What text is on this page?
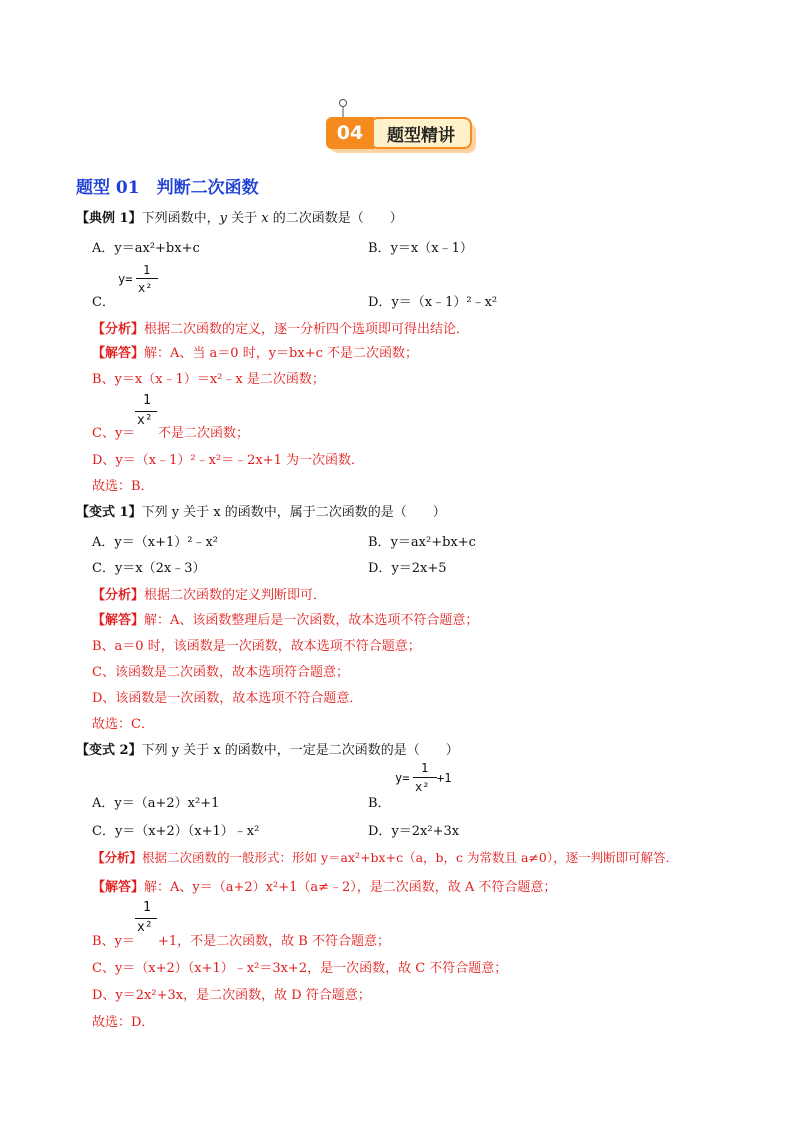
题型精讲
04
题型 01　判断二次函数
【典例 1】下列函数中，y 关于 x 的二次函数是（　　）
A．y＝ax²+bx+c	B．y＝x（x﹣1）
C．
y=
1
x²
D．y＝（x﹣1）²﹣x²
【分析】根据二次函数的定义，逐一分析四个选项即可得出结论．
【解答】解：A、当 a＝0 时，y＝bx+c 不是二次函数；
B、y＝x（x﹣1）＝x²﹣x 是二次函数；
C、y＝
1
x²
不是二次函数；
D、y＝（x﹣1）²﹣x²＝﹣2x+1 为一次函数．
故选：B．
【变式 1】下列 y 关于 x 的函数中，属于二次函数的是（　　）
A．y＝（x+1）²﹣x²	B．y＝ax²+bx+c
C．y＝x（2x﹣3）	D．y＝2x+5
【分析】根据二次函数的定义判断即可．
【解答】解：A、该函数整理后是一次函数，故本选项不符合题意；
B、a＝0 时，该函数是一次函数，故本选项不符合题意；
C、该函数是二次函数，故本选项符合题意；
D、该函数是一次函数，故本选项不符合题意．
故选：C．
【变式 2】下列 y 关于 x 的函数中，一定是二次函数的是（　　）
A．y＝（a+2）x²+1	B．
y=
1
x²
+1
C．y＝（x+2）（x+1）﹣x²	D．y＝2x²+3x
【分析】根据二次函数的一般形式：形如 y＝ax²+bx+c（a，b，c 为常数且 a≠0），逐一判断即可解答．
【解答】解：A、y＝（a+2）x²+1（a≠﹣2），是二次函数，故 A 不符合题意；
B、y＝
1
x²
+1，不是二次函数，故 B 不符合题意；
C、y＝（x+2）（x+1）﹣x²＝3x+2，是一次函数，故 C 不符合题意；
D、y＝2x²+3x，是二次函数，故 D 符合题意；
故选：D．
